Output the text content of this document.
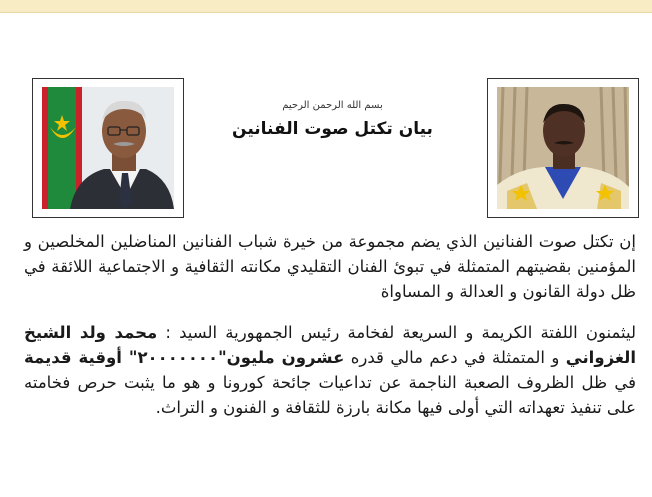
بسم الله الرحمن الرحيم
بيان تكتل صوت الفنانين

إن تكتل صوت الفنانين الذي يضم مجموعة من خيرة شباب الفنانين المناضلين المخلصين و المؤمنين بقضيتهم المتمثلة في تبوئ الفنان التقليدي مكانته الثقافية و الاجتماعية اللائقة في ظل دولة القانون و العدالة و المساواة

ليثمنون اللفتة الكريمة و السريعة لفخامة رئيس الجمهورية السيد : محمد ولد الشيخ الغزواني و المتمثلة في دعم مالي قدره عشرون مليون"٢٠٠٠٠٠٠٠" أوقية قديمة في ظل الظروف الصعبة الناجمة عن تداعيات جائحة كورونا و هو ما يثبت حرص فخامته على تنفيذ تعهداته التي أولى فيها مكانة بارزة للثقافة و الفنون و التراث.
